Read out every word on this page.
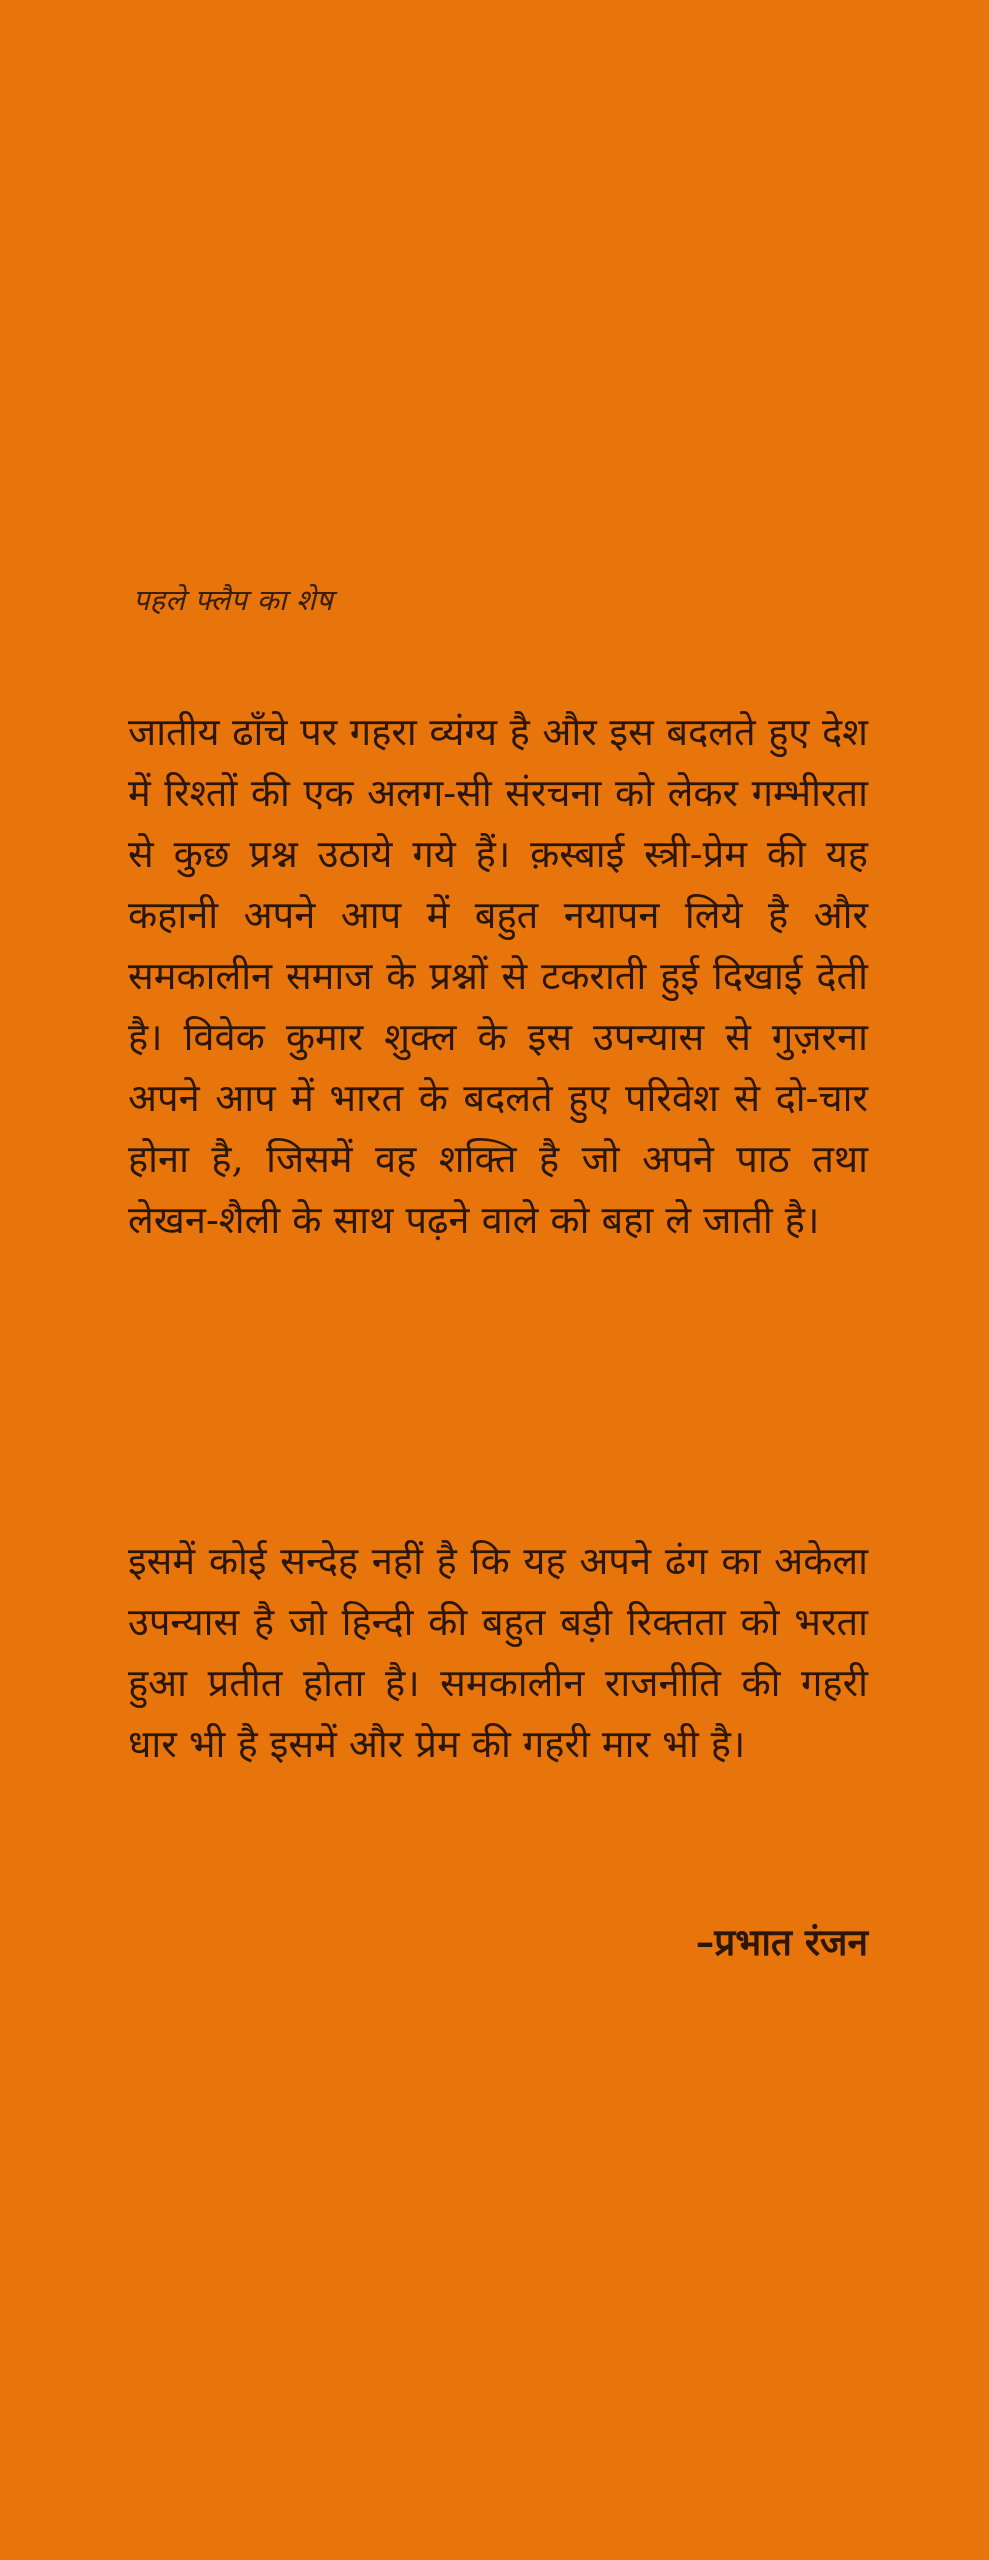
पहले फ्लैप का शेष

जातीय ढाँचे पर गहरा व्यंग्य है और इस बदलते हुए देश में रिश्तों की एक अलग-सी संरचना को लेकर गम्भीरता से कुछ प्रश्न उठाये गये हैं। क़स्बाई स्त्री-प्रेम की यह कहानी अपने आप में बहुत नयापन लिये है और समकालीन समाज के प्रश्नों से टकराती हुई दिखाई देती है। विवेक कुमार शुक्ल के इस उपन्यास से गुज़रना अपने आप में भारत के बदलते हुए परिवेश से दो-चार होना है, जिसमें वह शक्ति है जो अपने पाठ तथा लेखन-शैली के साथ पढ़ने वाले को बहा ले जाती है।

इसमें कोई सन्देह नहीं है कि यह अपने ढंग का अकेला उपन्यास है जो हिन्दी की बहुत बड़ी रिक्तता को भरता हुआ प्रतीत होता है। समकालीन राजनीति की गहरी धार भी है इसमें और प्रेम की गहरी मार भी है।

–प्रभात रंजन
